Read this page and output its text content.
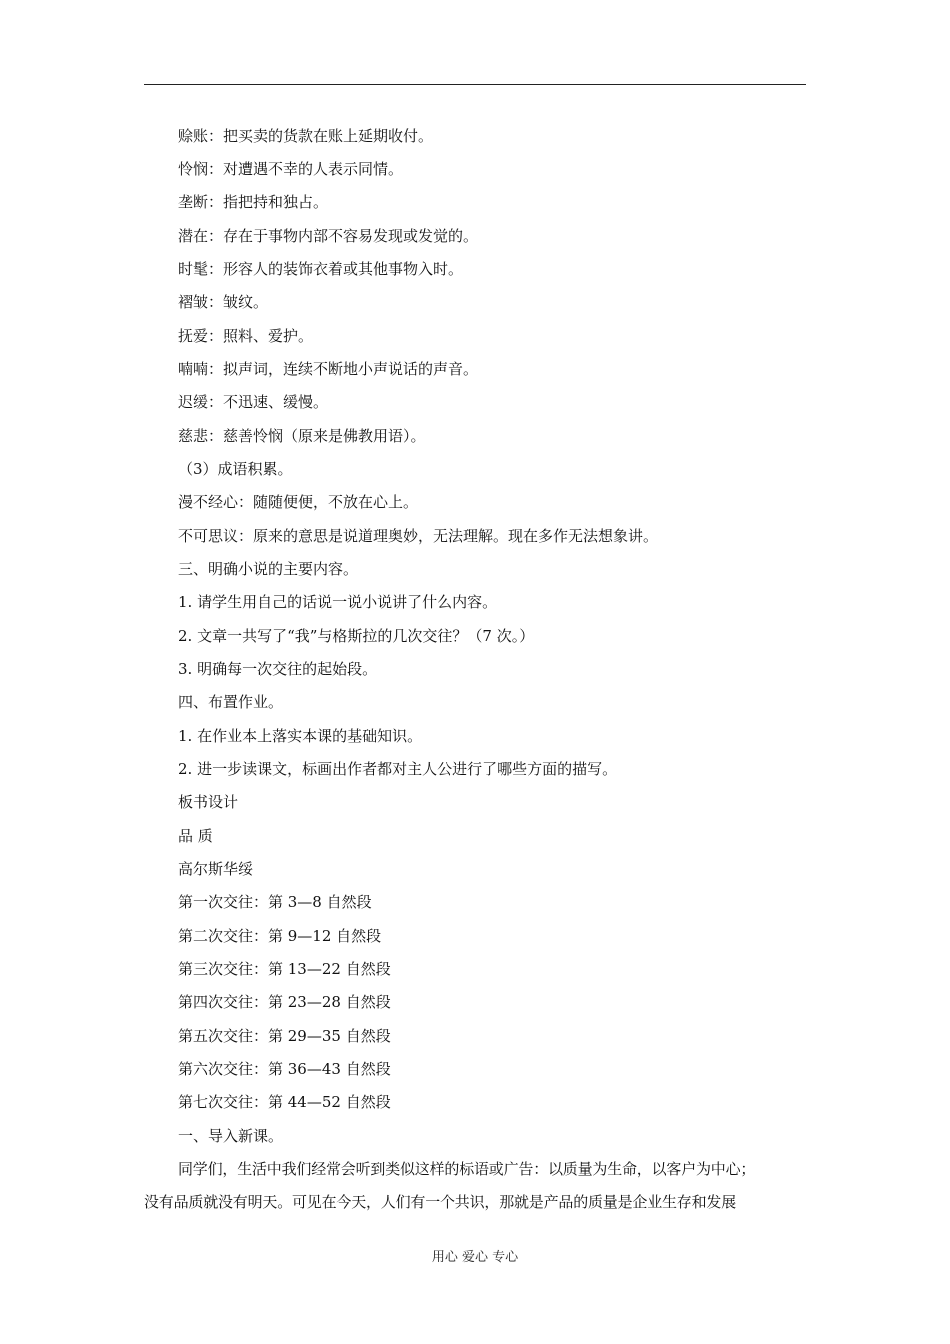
赊账：把买卖的货款在账上延期收付。
怜悯：对遭遇不幸的人表示同情。
垄断：指把持和独占。
潜在：存在于事物内部不容易发现或发觉的。
时髦：形容人的装饰衣着或其他事物入时。
褶皱：皱纹。
抚爱：照料、爱护。
喃喃：拟声词，连续不断地小声说话的声音。
迟缓：不迅速、缓慢。
慈悲：慈善怜悯（原来是佛教用语）。
（3）成语积累。
漫不经心：随随便便，不放在心上。
不可思议：原来的意思是说道理奥妙，无法理解。现在多作无法想象讲。
三、明确小说的主要内容。
1. 请学生用自己的话说一说小说讲了什么内容。
2. 文章一共写了“我”与格斯拉的几次交往？（7 次。）
3. 明确每一次交往的起始段。
四、布置作业。
1. 在作业本上落实本课的基础知识。
2. 进一步读课文，标画出作者都对主人公进行了哪些方面的描写。
板书设计
品 质
高尔斯华绥
第一次交往：第 3—8 自然段
第二次交往：第 9—12 自然段
第三次交往：第 13—22 自然段
第四次交往：第 23—28 自然段
第五次交往：第 29—35 自然段
第六次交往：第 36—43 自然段
第七次交往：第 44—52 自然段
一、导入新课。
同学们，生活中我们经常会听到类似这样的标语或广告：以质量为生命，以客户为中心；
没有品质就没有明天。可见在今天，人们有一个共识，那就是产品的质量是企业生存和发展
用心 爱心 专心
